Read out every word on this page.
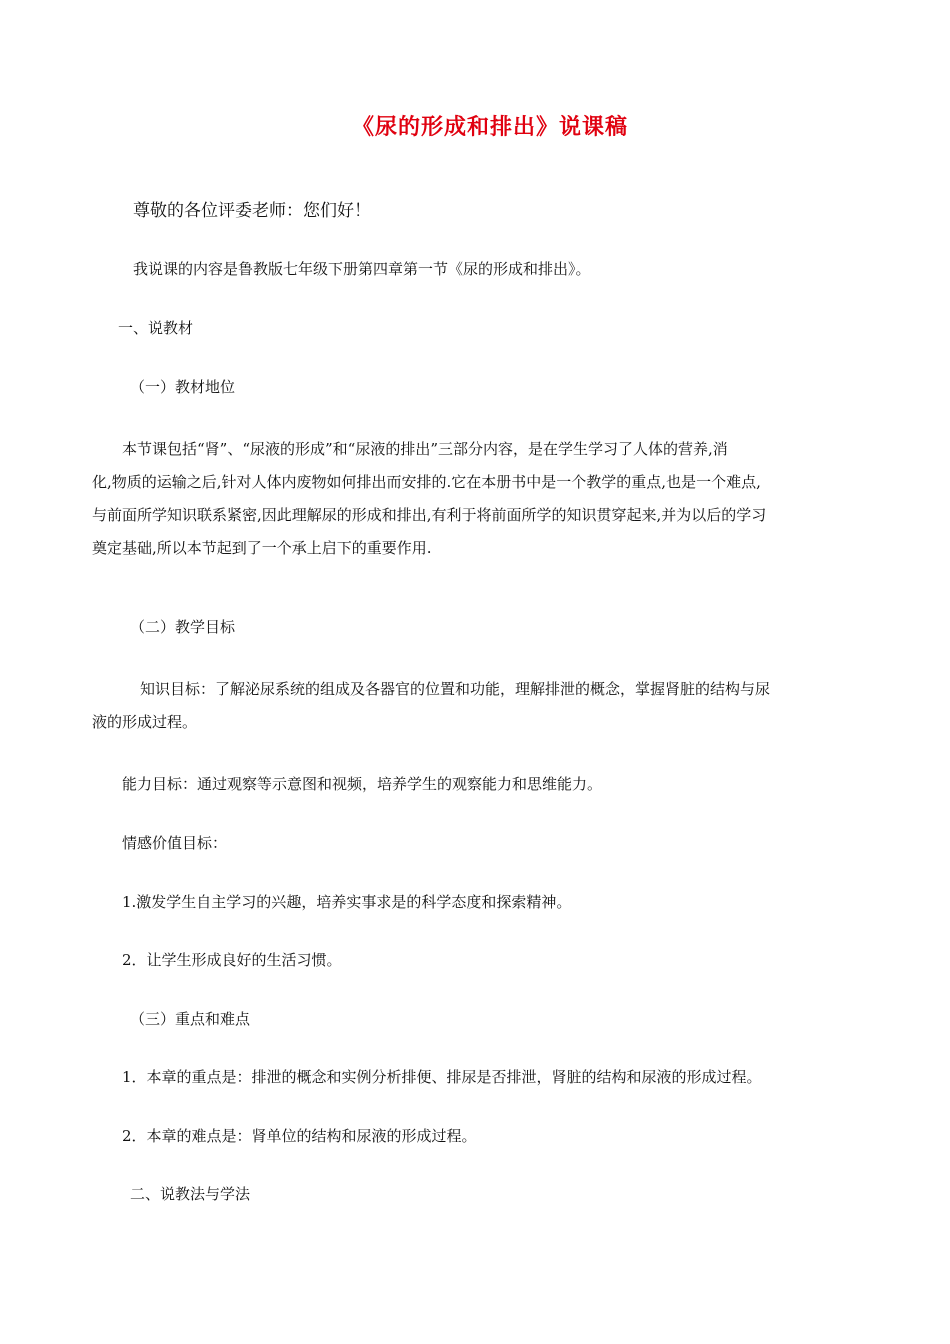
《尿的形成和排出》说课稿
尊敬的各位评委老师：您们好！
我说课的内容是鲁教版七年级下册第四章第一节《尿的形成和排出》。
一、说教材
（一）教材地位
本节课包括“肾”、“尿液的形成”和“尿液的排出”三部分内容，是在学生学习了人体的营养,消
化,物质的运输之后,针对人体内废物如何排出而安排的.它在本册书中是一个教学的重点,也是一个难点,
与前面所学知识联系紧密,因此理解尿的形成和排出,有利于将前面所学的知识贯穿起来,并为以后的学习
奠定基础,所以本节起到了一个承上启下的重要作用.
（二）教学目标
知识目标：了解泌尿系统的组成及各器官的位置和功能，理解排泄的概念，掌握肾脏的结构与尿
液的形成过程。
能力目标：通过观察等示意图和视频，培养学生的观察能力和思维能力。
情感价值目标：
1.激发学生自主学习的兴趣，培养实事求是的科学态度和探索精神。
2．让学生形成良好的生活习惯。
（三）重点和难点
1．本章的重点是：排泄的概念和实例分析排便、排尿是否排泄，肾脏的结构和尿液的形成过程。
2．本章的难点是：肾单位的结构和尿液的形成过程。
二、说教法与学法
